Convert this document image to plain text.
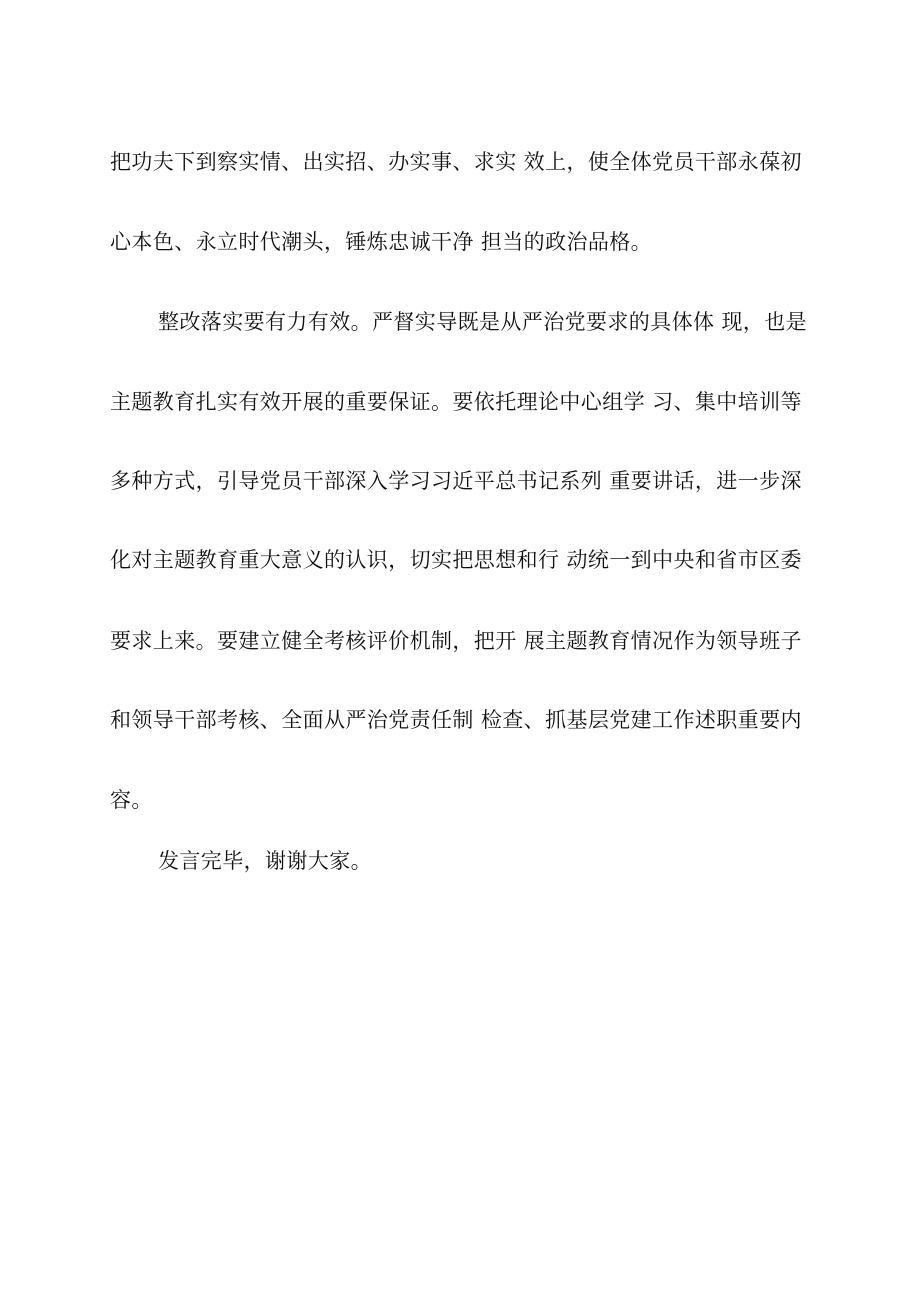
把功夫下到察实情、出实招、办实事、求实 效上，使全体党员干部永葆初

心本色、永立时代潮头，锤炼忠诚干净 担当的政治品格。

整改落实要有力有效。严督实导既是从严治党要求的具体体 现，也是

主题教育扎实有效开展的重要保证。要依托理论中心组学 习、集中培训等

多种方式，引导党员干部深入学习习近平总书记系列 重要讲话，进一步深

化对主题教育重大意义的认识，切实把思想和行 动统一到中央和省市区委

要求上来。要建立健全考核评价机制，把开 展主题教育情况作为领导班子

和领导干部考核、全面从严治党责任制 检查、抓基层党建工作述职重要内

容。

发言完毕，谢谢大家。
